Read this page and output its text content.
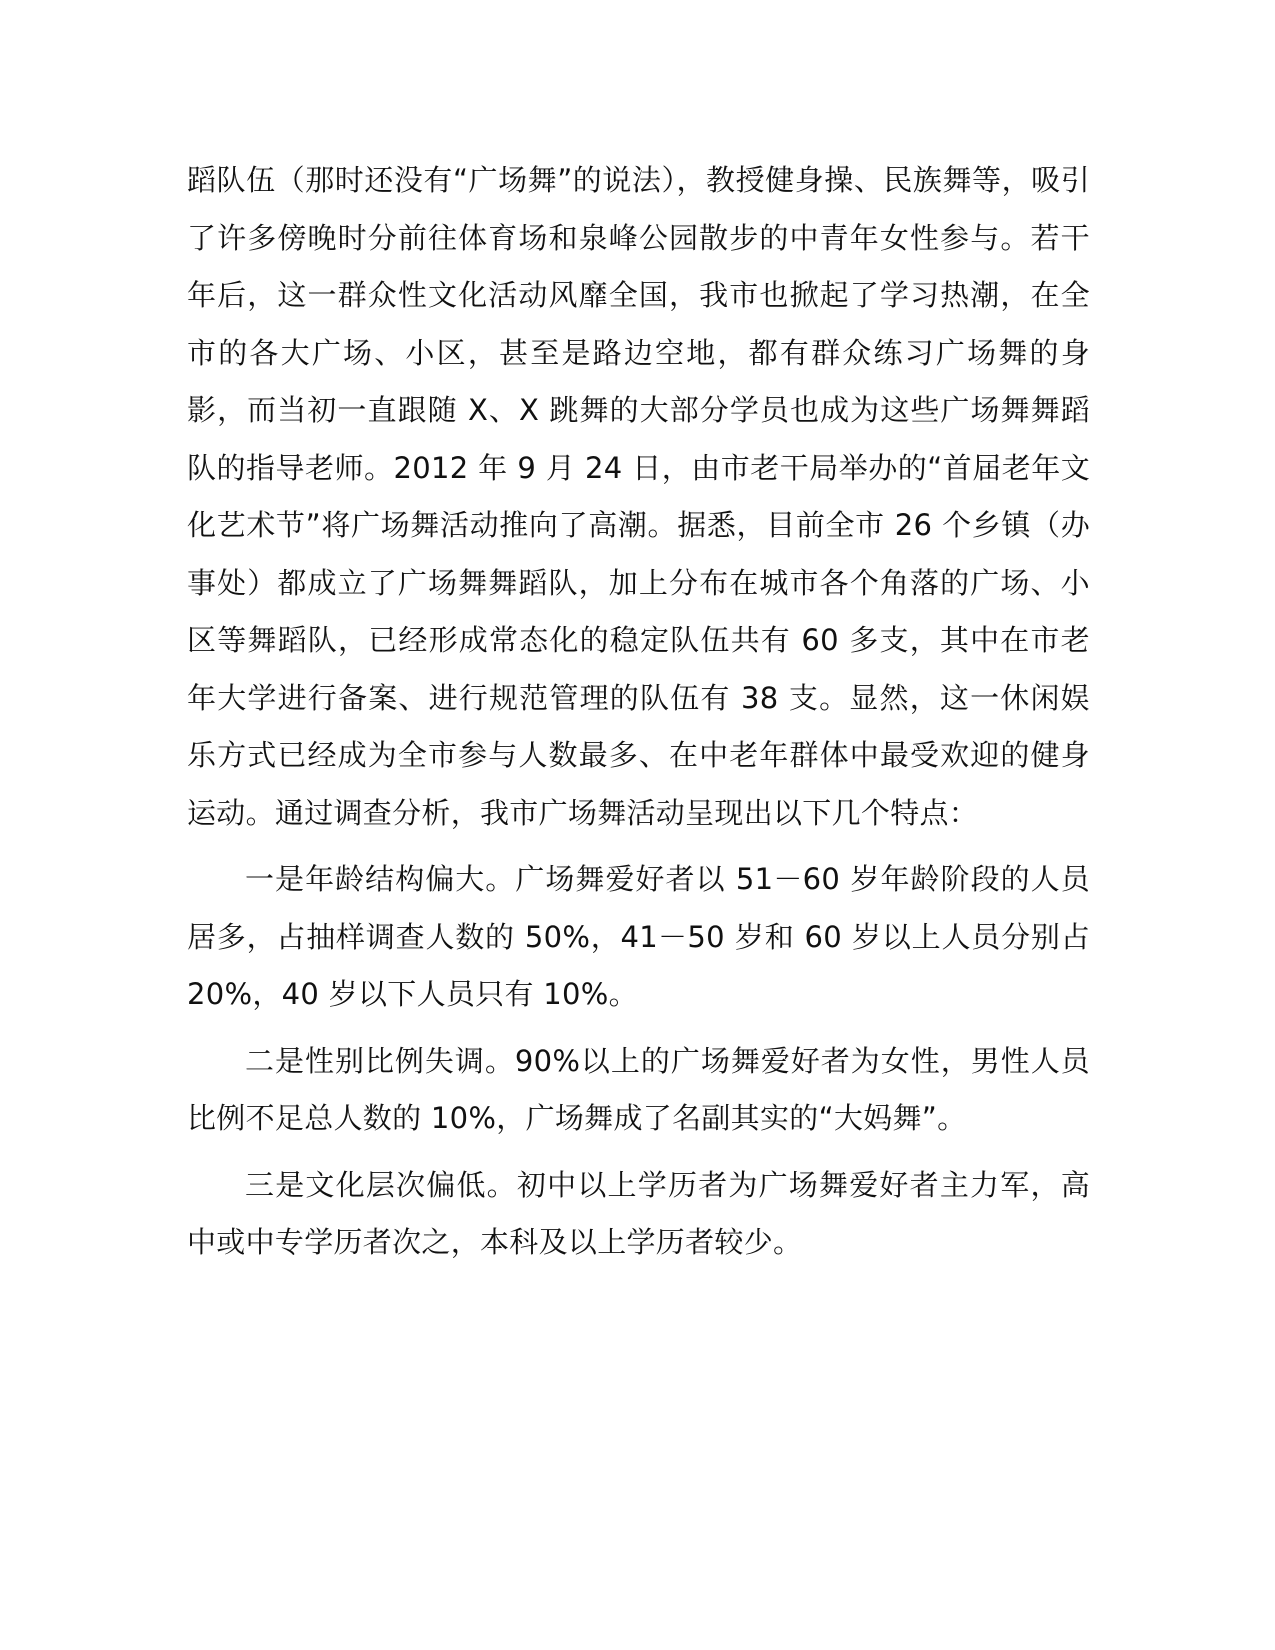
蹈队伍（那时还没有“广场舞”的说法），教授健身操、民族舞等，吸引了许多傍晚时分前往体育场和泉峰公园散步的中青年女性参与。若干年后，这一群众性文化活动风靡全国，我市也掀起了学习热潮，在全市的各大广场、小区，甚至是路边空地，都有群众练习广场舞的身影，而当初一直跟随 X、X 跳舞的大部分学员也成为这些广场舞舞蹈队的指导老师。2012 年 9 月 24 日，由市老干局举办的“首届老年文化艺术节”将广场舞活动推向了高潮。据悉，目前全市 26 个乡镇（办事处）都成立了广场舞舞蹈队，加上分布在城市各个角落的广场、小区等舞蹈队，已经形成常态化的稳定队伍共有 60 多支，其中在市老年大学进行备案、进行规范管理的队伍有 38 支。显然，这一休闲娱乐方式已经成为全市参与人数最多、在中老年群体中最受欢迎的健身运动。通过调查分析，我市广场舞活动呈现出以下几个特点：

一是年龄结构偏大。广场舞爱好者以 51－60 岁年龄阶段的人员居多，占抽样调查人数的 50%，41－50 岁和 60 岁以上人员分别占 20%，40 岁以下人员只有 10%。

二是性别比例失调。90%以上的广场舞爱好者为女性，男性人员比例不足总人数的 10%，广场舞成了名副其实的“大妈舞”。

三是文化层次偏低。初中以上学历者为广场舞爱好者主力军，高中或中专学历者次之，本科及以上学历者较少。
